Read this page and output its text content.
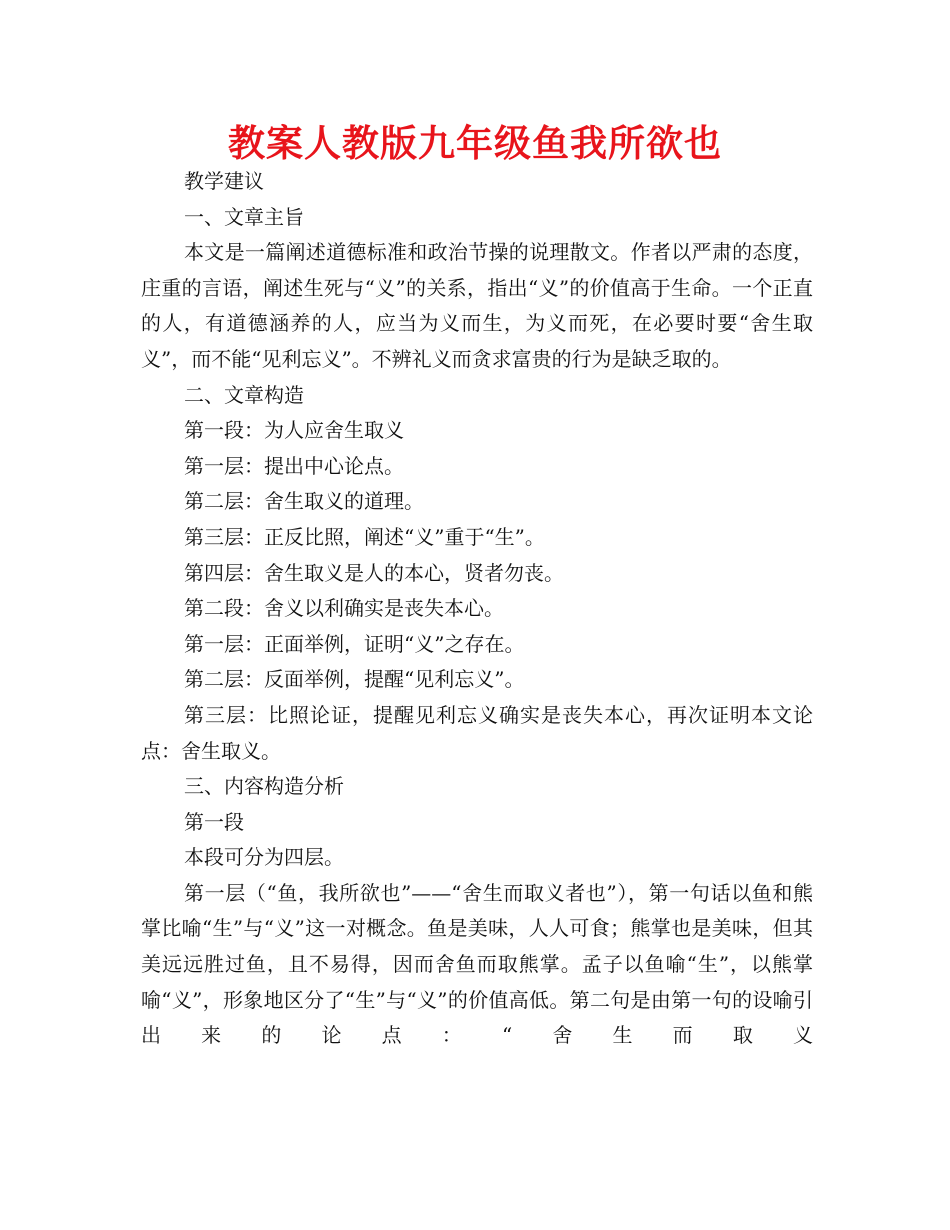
教案人教版九年级鱼我所欲也

教学建议

一、文章主旨

本文是一篇阐述道德标准和政治节操的说理散文。作者以严肃的态度，庄重的言语，阐述生死与“义”的关系，指出“义”的价值高于生命。一个正直的人，有道德涵养的人，应当为义而生，为义而死，在必要时要“舍生取义”，而不能“见利忘义”。不辨礼义而贪求富贵的行为是缺乏取的。

二、文章构造

第一段：为人应舍生取义

第一层：提出中心论点。

第二层：舍生取义的道理。

第三层：正反比照，阐述“义”重于“生”。

第四层：舍生取义是人的本心，贤者勿丧。

第二段：舍义以利确实是丧失本心。

第一层：正面举例，证明“义”之存在。

第二层：反面举例，提醒“见利忘义”。

第三层：比照论证，提醒见利忘义确实是丧失本心，再次证明本文论点：舍生取义。

三、内容构造分析

第一段

本段可分为四层。

第一层（“鱼，我所欲也”——“舍生而取义者也”），第一句话以鱼和熊掌比喻“生”与“义”这一对概念。鱼是美味，人人可食；熊掌也是美味，但其美远远胜过鱼，且不易得，因而舍鱼而取熊掌。孟子以鱼喻“生”，以熊掌喻“义”，形象地区分了“生”与“义”的价值高低。第二句是由第一句的设喻引出来的论点：“舍生而取义
